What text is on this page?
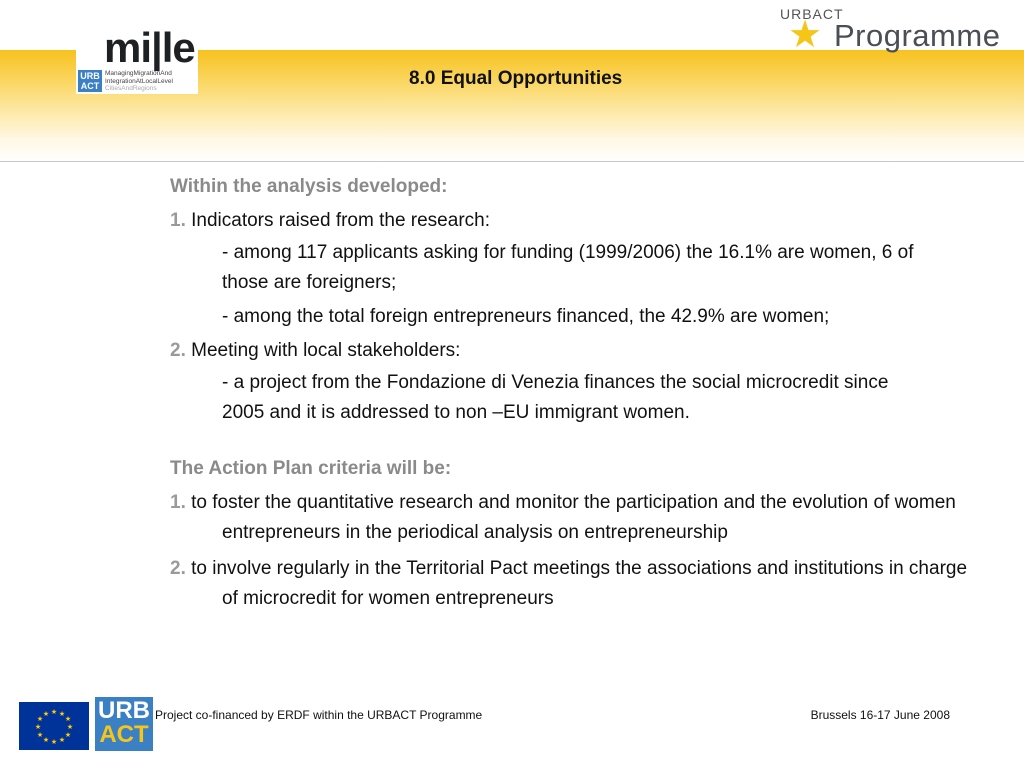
mi|le
URB ACT
ManagingMigrationAnd
IntegrationAtLocalLevel
CitiesAndRegions
URBACT
★ Programme
8.0 Equal Opportunities

Within the analysis developed:

1. Indicators raised from the research:

- among 117 applicants asking for funding (1999/2006) the 16.1% are women, 6 of those are foreigners;
- among the total foreign entrepreneurs financed, the 42.9% are women;

2. Meeting with local stakeholders:

- a project from the Fondazione di Venezia finances the social microcredit since 2005 and it is addressed to non –EU immigrant women.

The Action Plan criteria will be:

1. to foster the quantitative research and monitor the participation and the evolution of women entrepreneurs in the periodical analysis on entrepreneurship

2. to involve regularly in the Territorial Pact meetings the associations and institutions in charge of microcredit for women entrepreneurs

★ ★
★
★
★
★
★
★
★
★
★
★ URB
ACT
Project co-financed by ERDF within the URBACT Programme	Brussels 16-17 June 2008
